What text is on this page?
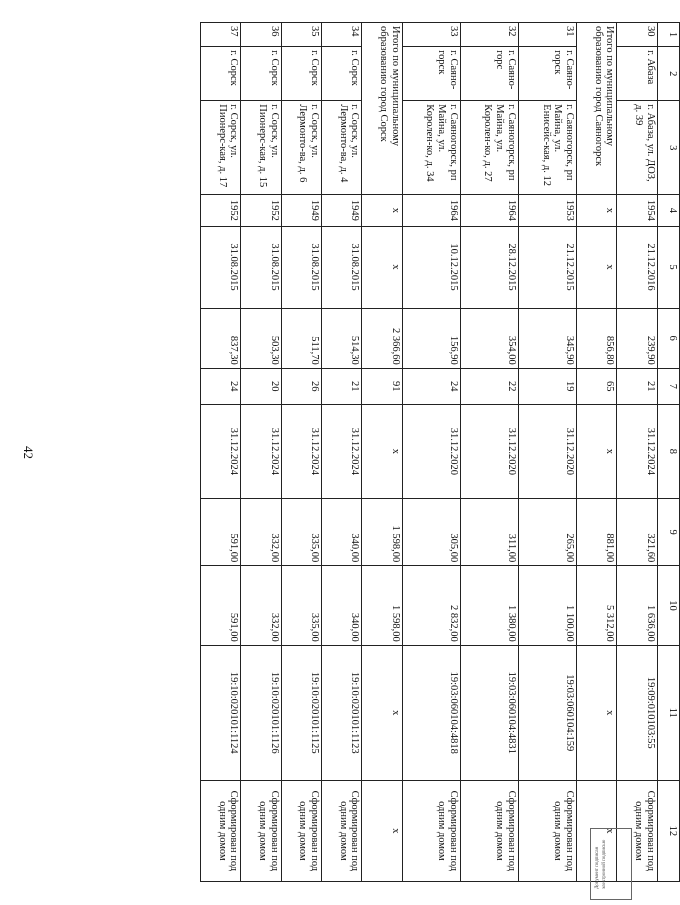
42
1	2	3	4	5	6	7	8	9	10	11	12
30	г. Абаза	г. Абаза, ул. ДОЗ, д. 39	1954	21.12.2016	239,90	21	31.12.2024	321,60	1 636,00	19:09:010103:55	Сформирован под одним домом
Итого по муниципальному образованию город Саяногорск			х	х	856,80	65	х	881,00	5 312,00	х	х
31	г. Саяно-горск	г. Саяногорск, рп Майна, ул. Енисейс-кая, д. 12	1953	21.12.2015	345,90	19	31.12.2020	265,00	1 100,00	19:03:060104:159	Сформирован под одним домом
32	г. Саяно-горс	г. Саяногорск, рп Майна, ул. Королен-ко, д. 27	1964	28.12.2015	354,00	22	31.12.2020	311,00	1 380,00	19:03:060104:4831	Сформирован под одним домом
33	г. Саяно-горск	г. Саяногорск, рп Майна, ул. Королен-ко, д. 34	1964	10.12.2015	156,90	24	31.12.2020	305,00	2 832,00	19:03:060104:4818	Сформирован под одним домом
Итого по муниципальному образованию город Сорск			х	х	2 366,60	91	х	1 598,00	1 598,00	х	х
34	г. Сорск	г. Сорск, ул. Лермонто-ва, д. 4	1949	31.08.2015	514,30	21	31.12.2024	340,00	340,00	19:10:020101:1123	Сформирован под одним домом
35	г. Сорск	г. Сорск, ул. Лермонто-ва, д. 6	1949	31.08.2015	511,70	26	31.12.2024	335,00	335,00	19:10:020101:1125	Сформирован под одним домом
36	г. Сорск	г. Сорск, ул. Пионерс-кая, д. 15	1952	31.08.2015	503,30	20	31.12.2024	332,00	332,00	19:10:020101:1126	Сформирован под одним домом
37	г. Сорск	г. Сорск, ул. Пионерс-кая, д. 17	1952	31.08.2015	837,30	24	31.12.2024	591,00	591,00	19:10:020101:1124	Сформирован под одним домом
Документ подписан электронной подписью
